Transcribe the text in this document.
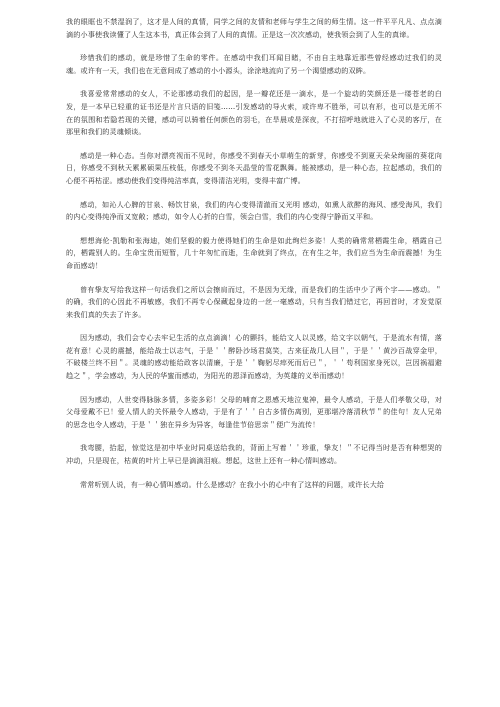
我的眼眶也不禁湿润了，这才是人间的真情，同学之间的友情和老师与学生之间的师生情。这一件平平凡凡、点点滴滴的小事使我读懂了人生这本书，真正体会到了人间的真情。正是这一次次感动，使我领会到了人生的真谛。

珍惜我们的感动，就是珍惜了生命的零件。在感动中我们耳闻目睹，不由自主地靠近那些曾经感动过我们的灵魂。或许有一天，我们也在无意间成了感动的小小源头，涂涂地流向了另一个渴望感动的双眸。

我喜爱常常感动的女人，不论那感动我们的起因，是一瓣花还是一滴水，是一个旋动的笑颜还是一缕苍老的白发，是一本早已轻重的证书还是片言只语的旧笺……引发感动的导火索，或许卑不胜举，可以有形，也可以是无所不在的氛围和若隐若现的关键，感动可以骑着任何颜色的羽毛，在旱晨或是深夜，不打招呼地就进入了心灵的客厅，在那里和我们的灵魂倾谈。

感动是一种心态。当你对漂亮视而不见时，你感受不到春天小草萌生的新芽，你感受不到夏天朵朵绚丽的葵花向日，你感受不到秋天累累硕果压枝低，你感受不到冬天晶莹的雪花飘舞。能被感动，是一种心态，拉起感动，我们的心便不再枯涩。感动使我们变得纯洁率真，变得清洁光明，变得丰富广博。

感动，如沁人心脾的甘泉、畅饮甘泉，我们的内心变得清澈而又光明 感动，如熏人欲醉的海风、感受海风，我们的内心变得纯净而又宽敞；感动，如令人心折的白雪，领会白雪，我们的内心变得宁静而又平和。

想想海伦·凯勒和张海迪，她们坚毅的毅力使得她们的生命是如此绚烂多姿！人类的确常常栖霞生命，栖霞自己的，栖霞别人的。生命宝贵而短暂，几十年匆忙而逝，生命就到了终点，在有生之年，我们应当为生命而震撼！为生命而感动！

曾有挚友写给我这样一句话我们之所以会擦肩而过，不是因为无缘，而是我们的生活中少了两个字——感动。＂的确，我们的心因此不再敏感，我们不再专心保藏起身边的一丝一毫感动，只有当我们错过它，再回首时，才发觉原来我们真的失去了许多。

因为感动，我们会专心去牢记生活的点点滴滴！心的颤抖，能给文人以灵感，给文字以朝气，于是流水有情，落花有意！心灵的震撼，能给战士以志气，于是＇＇醉卧沙场君莫笑，古来征战几人回＂，于是＇＇黄沙百战穿金甲，不破楼兰终不回＂。灵魂的感动能给政客以清廉，于是＇＇鞠躬尽瘁死而后已＂，＇＇苟利国家身死以，岂因祸福避趋之＂，学会感动，为人民的华蜜而感动，为阳光的恩泽而感动，为英雄的义举而感动！

因为感动，人世变得脉脉多情，多姿多彩！父母的哺育之恩感天地泣鬼神，最令人感动，于是人们孝敬父母，对父母爱戴不已！爱人情人的关怀最令人感动，于是有了＇＇自古多情伤离别，更那堪冷落清秋节＂的佳句！友人兄弟的思念也令人感动，于是＇＇独在异乡为异客，每逢佳节倍思亲＂便广为流传！

我弯腰，拾起，惊觉这是初中毕业时同桌送给我的，背面上写着＇＇珍重，挚友！＂不记得当时是否有种想哭的冲动，只是现在，枯黄的叶片上早已是滴滴泪痕。想起，这世上还有一种心情叫感动。

常常听别人说，有一种心情叫感动。什么是感动？在我小小的心中有了这样的问题，或许长大给
